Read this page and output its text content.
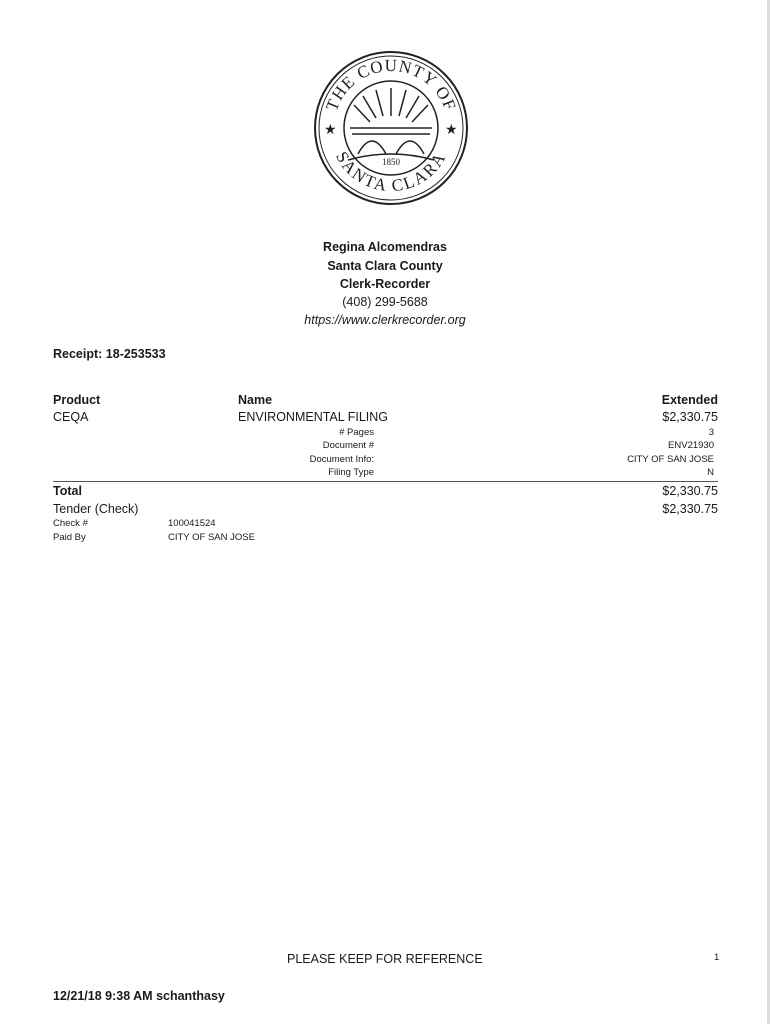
THE COUNTY OF
SANTA CLARA
★	★
1850
Regina Alcomendras
Santa Clara County
Clerk-Recorder
(408) 299-5688
https://www.clerkrecorder.org
Receipt: 18-253533
Product	Name	Extended
CEQA	ENVIRONMENTAL FILING	$2,330.75
# Pages	3
Document #	ENV21930
Document Info:	CITY OF SAN JOSE
Filing Type	N
Total	$2,330.75
Tender (Check)	$2,330.75
Check #	100041524
Paid By	CITY OF SAN JOSE
PLEASE KEEP FOR REFERENCE	1
12/21/18 9:38 AM schanthasy
